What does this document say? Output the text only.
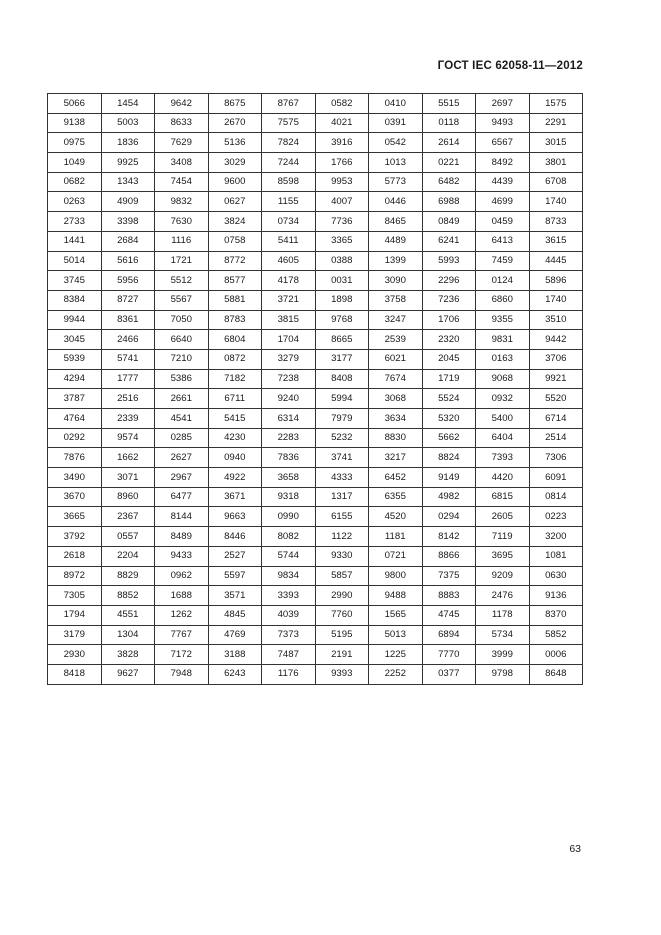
ГОСТ IEC 62058-11—2012
5066	1454	9642	8675	8767	0582	0410	5515	2697	1575
9138	5003	8633	2670	7575	4021	0391	0118	9493	2291
0975	1836	7629	5136	7824	3916	0542	2614	6567	3015
1049	9925	3408	3029	7244	1766	1013	0221	8492	3801
0682	1343	7454	9600	8598	9953	5773	6482	4439	6708
0263	4909	9832	0627	1155	4007	0446	6988	4699	1740
2733	3398	7630	3824	0734	7736	8465	0849	0459	8733
1441	2684	1116	0758	5411	3365	4489	6241	6413	3615
5014	5616	1721	8772	4605	0388	1399	5993	7459	4445
3745	5956	5512	8577	4178	0031	3090	2296	0124	5896
8384	8727	5567	5881	3721	1898	3758	7236	6860	1740
9944	8361	7050	8783	3815	9768	3247	1706	9355	3510
3045	2466	6640	6804	1704	8665	2539	2320	9831	9442
5939	5741	7210	0872	3279	3177	6021	2045	0163	3706
4294	1777	5386	7182	7238	8408	7674	1719	9068	9921
3787	2516	2661	6711	9240	5994	3068	5524	0932	5520
4764	2339	4541	5415	6314	7979	3634	5320	5400	6714
0292	9574	0285	4230	2283	5232	8830	5662	6404	2514
7876	1662	2627	0940	7836	3741	3217	8824	7393	7306
3490	3071	2967	4922	3658	4333	6452	9149	4420	6091
3670	8960	6477	3671	9318	1317	6355	4982	6815	0814
3665	2367	8144	9663	0990	6155	4520	0294	2605	0223
3792	0557	8489	8446	8082	1122	1181	8142	7119	3200
2618	2204	9433	2527	5744	9330	0721	8866	3695	1081
8972	8829	0962	5597	9834	5857	9800	7375	9209	0630
7305	8852	1688	3571	3393	2990	9488	8883	2476	9136
1794	4551	1262	4845	4039	7760	1565	4745	1178	8370
3179	1304	7767	4769	7373	5195	5013	6894	5734	5852
2930	3828	7172	3188	7487	2191	1225	7770	3999	0006
8418	9627	7948	6243	1176	9393	2252	0377	9798	8648
63
